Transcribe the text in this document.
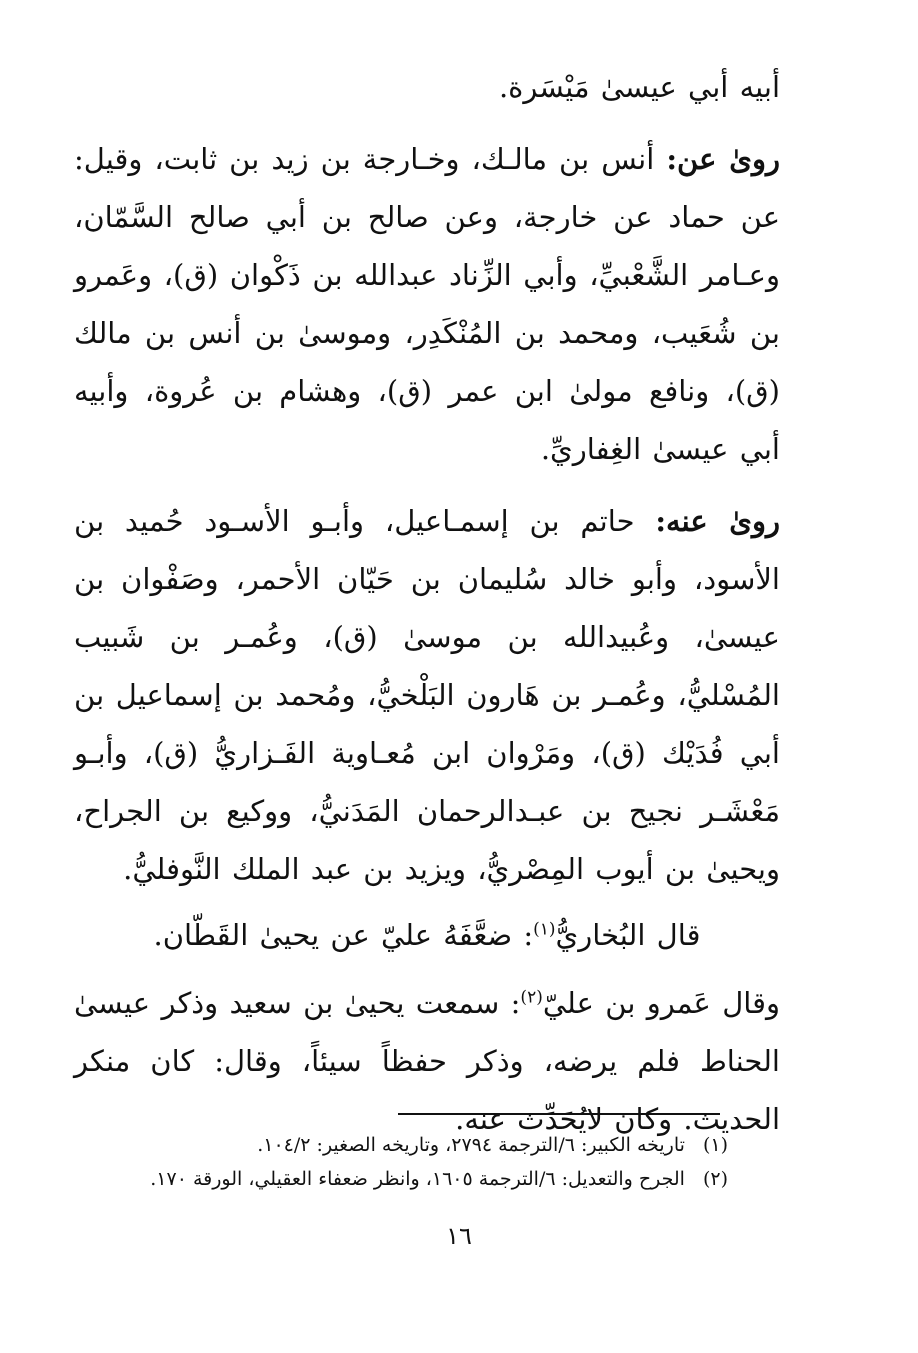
أبيه أبي عيسىٰ مَيْسَرة.

روىٰ عن: أنس بن مالـك، وخـارجة بن زيد بن ثابت، وقيل: عن حماد عن خارجة، وعن صالح بن أبي صالح السَّمّان، وعـامر الشَّعْبيِّ، وأبي الزِّناد عبدالله بن ذَكْوان (ق)، وعَمرو بن شُعَيب، ومحمد بن المُنْكَدِر، وموسىٰ بن أنس بن مالك (ق)، ونافع مولىٰ ابن عمر (ق)، وهشام بن عُروة، وأبيه أبي عيسىٰ الغِفاريِّ.

روىٰ عنه: حاتم بن إسمـاعيل، وأبـو الأسـود حُميد بن الأسود، وأبو خالد سُليمان بن حَيّان الأحمر، وصَفْوان بن عيسىٰ، وعُبيدالله بن موسىٰ (ق)، وعُمـر بن شَبيب المُسْليُّ، وعُمـر بن هَارون البَلْخيُّ، ومُحمد بن إسماعيل بن أبي فُدَيْك (ق)، ومَرْوان ابن مُعـاوية الفَـزاريُّ (ق)، وأبـو مَعْشَـر نجيح بن عبـدالرحمان المَدَنيُّ، ووكيع بن الجراح، ويحيىٰ بن أيوب المِصْريُّ، ويزيد بن عبد الملك النَّوفليُّ.

قال البُخاريُّ$^{(١)}$: ضعَّفَهُ عليّ عن يحيىٰ القَطّان.

وقال عَمرو بن عليّ$^{(٢)}$: سمعت يحيىٰ بن سعيد وذكر عيسىٰ الحناط فلم يرضه، وذكر حفظاً سيئاً، وقال: كان منكر الحديث. وكان لايُحَدِّث عنه.

(١)تاريخه الكبير: ٦/الترجمة ٢٧٩٤، وتاريخه الصغير: ١٠٤/٢.
(٢)الجرح والتعديل: ٦/الترجمة ١٦٠٥، وانظر ضعفاء العقيلي، الورقة ١٧٠.
١٦
